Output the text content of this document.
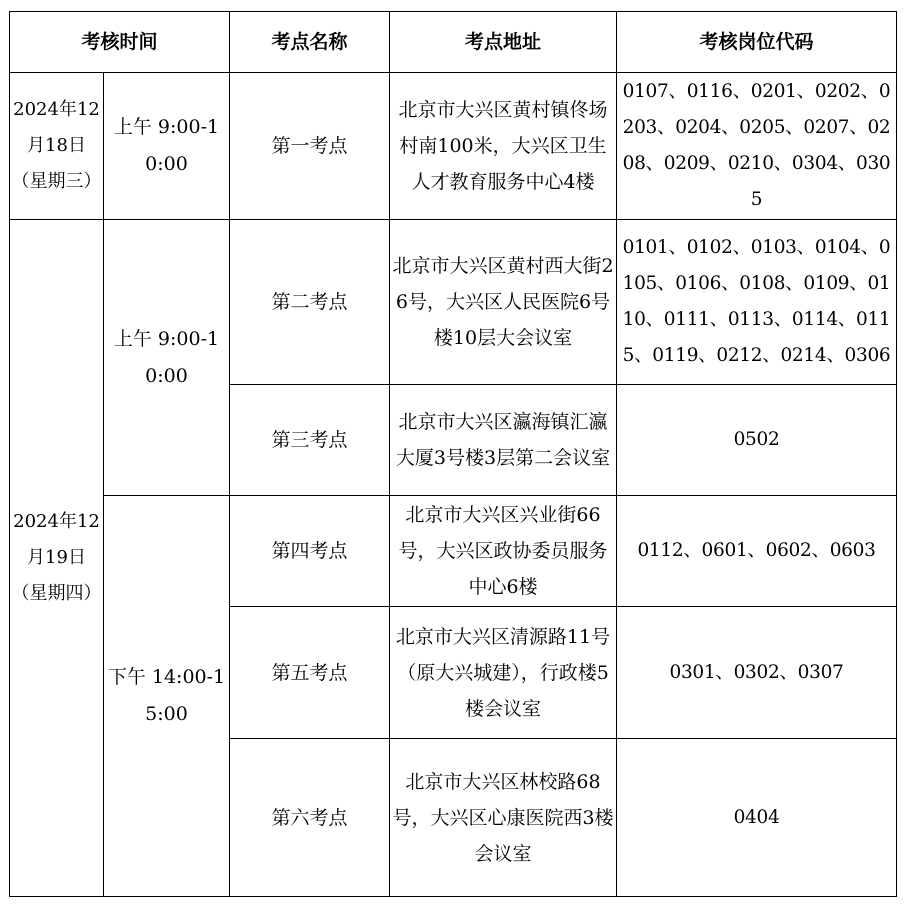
考核时间		考点名称	考点地址	考核岗位代码
2024年12月18日（星期三）	上午 9:00-10:00	第一考点	北京市大兴区黄村镇佟场村南100米，大兴区卫生人才教育服务中心4楼	0107、0116、0201、0202、0203、0204、0205、0207、0208、0209、0210、0304、0305
2024年12月19日（星期四）	上午 9:00-10:00	第二考点	北京市大兴区黄村西大街26号，大兴区人民医院6号楼10层大会议室	0101、0102、0103、0104、0105、0106、0108、0109、0110、0111、0113、0114、0115、0119、0212、0214、0306
		第三考点	北京市大兴区瀛海镇汇瀛大厦3号楼3层第二会议室	0502
	下午 14:00-15:00	第四考点	北京市大兴区兴业街66号，大兴区政协委员服务中心6楼	0112、0601、0602、0603
		第五考点	北京市大兴区清源路11号（原大兴城建），行政楼5楼会议室	0301、0302、0307
		第六考点	北京市大兴区林校路68号，大兴区心康医院西3楼会议室	0404
